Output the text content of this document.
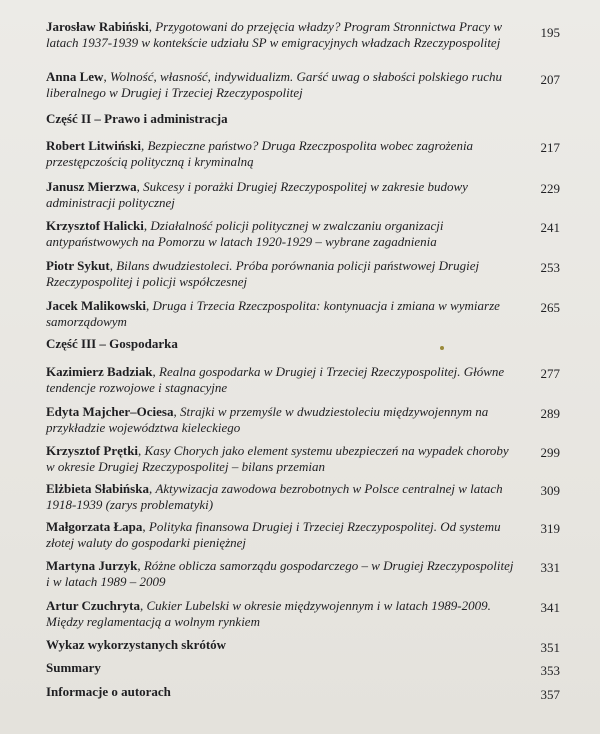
Jarosław Rabiński, Przygotowani do przejęcia władzy? Program Stronnictwa Pracy w latach 1937-1939 w kontekście udziału SP w emigracyjnych władzach Rzeczypospolitej
195
Anna Lew, Wolność, własność, indywidualizm. Garść uwag o słabości polskiego ruchu liberalnego w Drugiej i Trzeciej Rzeczypospolitej
207
Część II – Prawo i administracja
Robert Litwiński, Bezpieczne państwo? Druga Rzeczpospolita wobec zagrożenia przestępczością polityczną i kryminalną
217
Janusz Mierzwa, Sukcesy i porażki Drugiej Rzeczypospolitej w zakresie budowy administracji politycznej
229
Krzysztof Halicki, Działalność policji politycznej w zwalczaniu organizacji antypaństwowych na Pomorzu w latach 1920-1929 – wybrane zagadnienia
241
Piotr Sykut, Bilans dwudziestoleci. Próba porównania policji państwowej Drugiej Rzeczypospolitej i policji współczesnej
253
Jacek Malikowski, Druga i Trzecia Rzeczpospolita: kontynuacja i zmiana w wymiarze samorządowym
265
Część III – Gospodarka
Kazimierz Badziak, Realna gospodarka w Drugiej i Trzeciej Rzeczypospolitej. Główne tendencje rozwojowe i stagnacyjne
277
Edyta Majcher–Ociesa, Strajki w przemyśle w dwudziestoleciu międzywojennym na przykładzie województwa kieleckiego
289
Krzysztof Prętki, Kasy Chorych jako element systemu ubezpieczeń na wypadek choroby w okresie Drugiej Rzeczypospolitej – bilans przemian
299
Elżbieta Słabińska, Aktywizacja zawodowa bezrobotnych w Polsce centralnej w latach 1918-1939 (zarys problematyki)
309
Małgorzata Łapa, Polityka finansowa Drugiej i Trzeciej Rzeczypospolitej. Od systemu złotej waluty do gospodarki pieniężnej
319
Martyna Jurzyk, Różne oblicza samorządu gospodarczego – w Drugiej Rzeczypospolitej i w latach 1989 – 2009
331
Artur Czuchryta, Cukier Lubelski w okresie międzywojennym i w latach 1989-2009. Między reglamentacją a wolnym rynkiem
341
Wykaz wykorzystanych skrótów	351
Summary	353
Informacje o autorach	357
